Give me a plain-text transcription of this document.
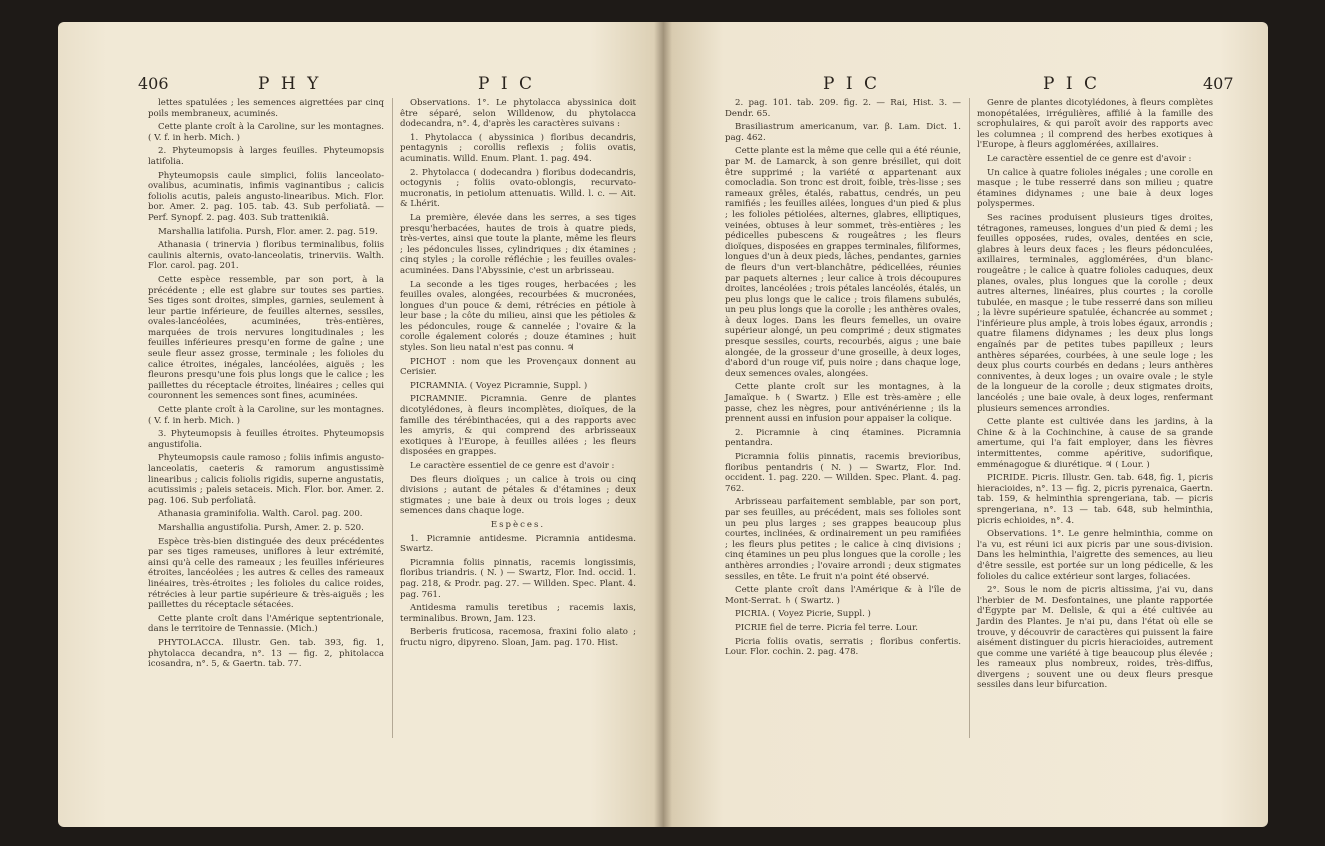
406	P H Y	P I C

lettes spatulées ; les semences aigrettées par cinq poils membraneux, acuminés.

Cette plante croît à la Caroline, sur les montagnes. ( V. f. in herb. Mich. )

2. Phyteumopsis à larges feuilles. Phyteumopsis latifolia.

Phyteumopsis caule simplici, foliis lanceolato-ovalibus, acuminatis, infimis vaginantibus ; calicis foliolis acutis, paleis angusto-linearibus. Mich. Flor. bor. Amer. 2. pag. 105. tab. 43. Sub perfoliatâ. — Perf. Synopf. 2. pag. 403. Sub trattenikiâ.

Marshallia latifolia. Pursh, Flor. amer. 2. pag. 519.

Athanasia ( trinervia ) floribus terminalibus, foliis caulinis alternis, ovato-lanceolatis, trinerviis. Walth. Flor. carol. pag. 201.

Cette espèce ressemble, par son port, à la précédente ; elle est glabre sur toutes ses parties. Ses tiges sont droites, simples, garnies, seulement à leur partie inférieure, de feuilles alternes, sessiles, ovales-lancéolées, acuminées, très-entières, marquées de trois nervures longitudinales ; les feuilles inférieures presqu'en forme de gaîne ; une seule fleur assez grosse, terminale ; les folioles du calice étroites, inégales, lancéolées, aiguës ; les fleurons presqu'une fois plus longs que le calice ; les paillettes du réceptacle étroites, linéaires ; celles qui couronnent les semences sont fines, acuminées.

Cette plante croît à la Caroline, sur les montagnes. ( V. f. in herb. Mich. )

3. Phyteumopsis à feuilles étroites. Phyteumopsis angustifolia.

Phyteumopsis caule ramoso ; foliis infimis angusto-lanceolatis, caeteris & ramorum angustissimè linearibus ; calicis foliolis rigidis, superne angustatis, acutissimis ; paleis setaceis. Mich. Flor. bor. Amer. 2. pag. 106. Sub perfoliatâ.

Athanasia graminifolia. Walth. Carol. pag. 200.

Marshallia angustifolia. Pursh, Amer. 2. p. 520.

Espèce très-bien distinguée des deux précédentes par ses tiges rameuses, uniflores à leur extrémité, ainsi qu'à celle des rameaux ; les feuilles inférieures étroites, lancéolées ; les autres & celles des rameaux linéaires, très-étroites ; les folioles du calice roides, rétrécies à leur partie supérieure & très-aiguës ; les paillettes du réceptacle sétacées.

Cette plante croît dans l'Amérique septentrionale, dans le territoire de Tennassie. (Mich.)

PHYTOLACCA. Illustr. Gen. tab. 393, fig. 1, phytolacca decandra, n°. 13 — fig. 2, phitolacca icosandra, n°. 5, & Gaertn. tab. 77.

Observations. 1°. Le phytolacca abyssinica doit être séparé, selon Willdenow, du phytolacca dodecandra, n°. 4, d'après les caractères suivans :

1. Phytolacca ( abyssinica ) floribus decandris, pentagynis ; corollis reflexis ; foliis ovatis, acuminatis. Willd. Enum. Plant. 1. pag. 494.

2. Phytolacca ( dodecandra ) floribus dodecandris, octogynis ; foliis ovato-oblongis, recurvato-mucronatis, in petiolum attenuatis. Willd. l. c. — Ait. & Lhérit.

La première, élevée dans les serres, a ses tiges presqu'herbacées, hautes de trois à quatre pieds, très-vertes, ainsi que toute la plante, même les fleurs ; les pédoncules lisses, cylindriques ; dix étamines ; cinq styles ; la corolle réfléchie ; les feuilles ovales-acuminées. Dans l'Abyssinie, c'est un arbrisseau.

La seconde a les tiges rouges, herbacées ; les feuilles ovales, alongées, recourbées & mucronées, longues d'un pouce & demi, rétrécies en pétiole à leur base ; la côte du milieu, ainsi que les pétioles & les pédoncules, rouge & cannelée ; l'ovaire & la corolle également colorés ; douze étamines ; huit styles. Son lieu natal n'est pas connu. ♃

PICHOT : nom que les Provençaux donnent au Cerisier.

PICRAMNIA. ( Voyez Picramnie, Suppl. )

PICRAMNIE. Picramnia. Genre de plantes dicotylédones, à fleurs incomplètes, dioïques, de la famille des térébinthacées, qui a des rapports avec les amyris, & qui comprend des arbrisseaux exotiques à l'Europe, à feuilles ailées ; les fleurs disposées en grappes.

Le caractère essentiel de ce genre est d'avoir :

Des fleurs dioïques ; un calice à trois ou cinq divisions ; autant de pétales & d'étamines ; deux stigmates ; une baie à deux ou trois loges ; deux semences dans chaque loge.

Espèces.

1. Picramnie antidesme. Picramnia antidesma. Swartz.

Picramnia foliis pinnatis, racemis longissimis, floribus triandris. ( N. ) — Swartz, Flor. Ind. occid. 1. pag. 218, & Prodr. pag. 27. — Willden. Spec. Plant. 4. pag. 761.

Antidesma ramulis teretibus ; racemis laxis, terminalibus. Brown, Jam. 123.

Berberis fruticosa, racemosa, fraxini folio alato ; fructu nigro, dipyreno. Sloan, Jam. pag. 170. Hist.

P I C	P I C	407

2. pag. 101. tab. 209. fig. 2. — Rai, Hist. 3. — Dendr. 65.

Brasiliastrum americanum, var. β. Lam. Dict. 1. pag. 462.

Cette plante est la même que celle qui a été réunie, par M. de Lamarck, à son genre brésillet, qui doit être supprimé ; la variété α appartenant aux comocladia. Son tronc est droit, foible, très-lisse ; ses rameaux grêles, étalés, rabattus, cendrés, un peu ramifiés ; les feuilles ailées, longues d'un pied & plus ; les folioles pétiolées, alternes, glabres, elliptiques, veinées, obtuses à leur sommet, très-entières ; les pédicelles pubescens & rougeâtres ; les fleurs dioïques, disposées en grappes terminales, filiformes, longues d'un à deux pieds, lâches, pendantes, garnies de fleurs d'un vert-blanchâtre, pédicellées, réunies par paquets alternes ; leur calice à trois découpures droites, lancéolées ; trois pétales lancéolés, étalés, un peu plus longs que le calice ; trois filamens subulés, un peu plus longs que la corolle ; les anthères ovales, à deux loges. Dans les fleurs femelles, un ovaire supérieur alongé, un peu comprimé ; deux stigmates presque sessiles, courts, recourbés, aigus ; une baie alongée, de la grosseur d'une groseille, à deux loges, d'abord d'un rouge vif, puis noire ; dans chaque loge, deux semences ovales, alongées.

Cette plante croît sur les montagnes, à la Jamaïque. ♄ ( Swartz. ) Elle est très-amère ; elle passe, chez les nègres, pour antivénérienne ; ils la prennent aussi en infusion pour appaiser la colique.

2. Picramnie à cinq étamines. Picramnia pentandra.

Picramnia foliis pinnatis, racemis brevioribus, floribus pentandris ( N. ) — Swartz, Flor. Ind. occident. 1. pag. 220. — Willden. Spec. Plant. 4. pag. 762.

Arbrisseau parfaitement semblable, par son port, par ses feuilles, au précédent, mais ses folioles sont un peu plus larges ; ses grappes beaucoup plus courtes, inclinées, & ordinairement un peu ramifiées ; les fleurs plus petites ; le calice à cinq divisions ; cinq étamines un peu plus longues que la corolle ; les anthères arrondies ; l'ovaire arrondi ; deux stigmates sessiles, en tête. Le fruit n'a point été observé.

Cette plante croît dans l'Amérique & à l'île de Mont-Serrat. ♄ ( Swartz. )

PICRIA. ( Voyez Picrie, Suppl. )

PICRIE fiel de terre. Picria fel terre. Lour.

Picria foliis ovatis, serratis ; floribus confertis. Lour. Flor. cochin. 2. pag. 478.

Genre de plantes dicotylédones, à fleurs complètes monopétalées, irrégulières, affilié à la famille des scrophulaires, & qui paroît avoir des rapports avec les columnea ; il comprend des herbes exotiques à l'Europe, à fleurs agglomérées, axillaires.

Le caractère essentiel de ce genre est d'avoir :

Un calice à quatre folioles inégales ; une corolle en masque ; le tube resserré dans son milieu ; quatre étamines didynames ; une baie à deux loges polyspermes.

Ses racines produisent plusieurs tiges droites, tétragones, rameuses, longues d'un pied & demi ; les feuilles opposées, rudes, ovales, dentées en scie, glabres à leurs deux faces ; les fleurs pédonculées, axillaires, terminales, agglomérées, d'un blanc-rougeâtre ; le calice à quatre folioles caduques, deux planes, ovales, plus longues que la corolle ; deux autres alternes, linéaires, plus courtes ; la corolle tubulée, en masque ; le tube resserré dans son milieu ; la lèvre supérieure spatulée, échancrée au sommet ; l'inférieure plus ample, à trois lobes égaux, arrondis ; quatre filamens didynames ; les deux plus longs engaînés par de petites tubes papilleux ; leurs anthères séparées, courbées, à une seule loge ; les deux plus courts courbés en dedans ; leurs anthères conniventes, à deux loges ; un ovaire ovale ; le style de la longueur de la corolle ; deux stigmates droits, lancéolés ; une baie ovale, à deux loges, renfermant plusieurs semences arrondies.

Cette plante est cultivée dans les jardins, à la Chine & à la Cochinchine, à cause de sa grande amertume, qui l'a fait employer, dans les fièvres intermittentes, comme apéritive, sudorifique, emménagogue & diurétique. ♃ ( Lour. )

PICRIDE. Picris. Illustr. Gen. tab. 648, fig. 1, picris hieracioides, n°. 13 — fig. 2, picris pyrenaica, Gaertn. tab. 159, & helminthia sprengeriana, tab. — picris sprengeriana, n°. 13 — tab. 648, sub helminthia, picris echioides, n°. 4.

Observations. 1°. Le genre helminthia, comme on l'a vu, est réuni ici aux picris par une sous-division. Dans les helminthia, l'aigrette des semences, au lieu d'être sessile, est portée sur un long pédicelle, & les folioles du calice extérieur sont larges, foliacées.

2°. Sous le nom de picris altissima, j'ai vu, dans l'herbier de M. Desfontaines, une plante rapportée d'Égypte par M. Delisle, & qui a été cultivée au Jardin des Plantes. Je n'ai pu, dans l'état où elle se trouve, y découvrir de caractères qui puissent la faire aisément distinguer du picris hieracioides, autrement que comme une variété à tige beaucoup plus élevée ; les rameaux plus nombreux, roides, très-diffus, divergens ; souvent une ou deux fleurs presque sessiles dans leur bifurcation.
